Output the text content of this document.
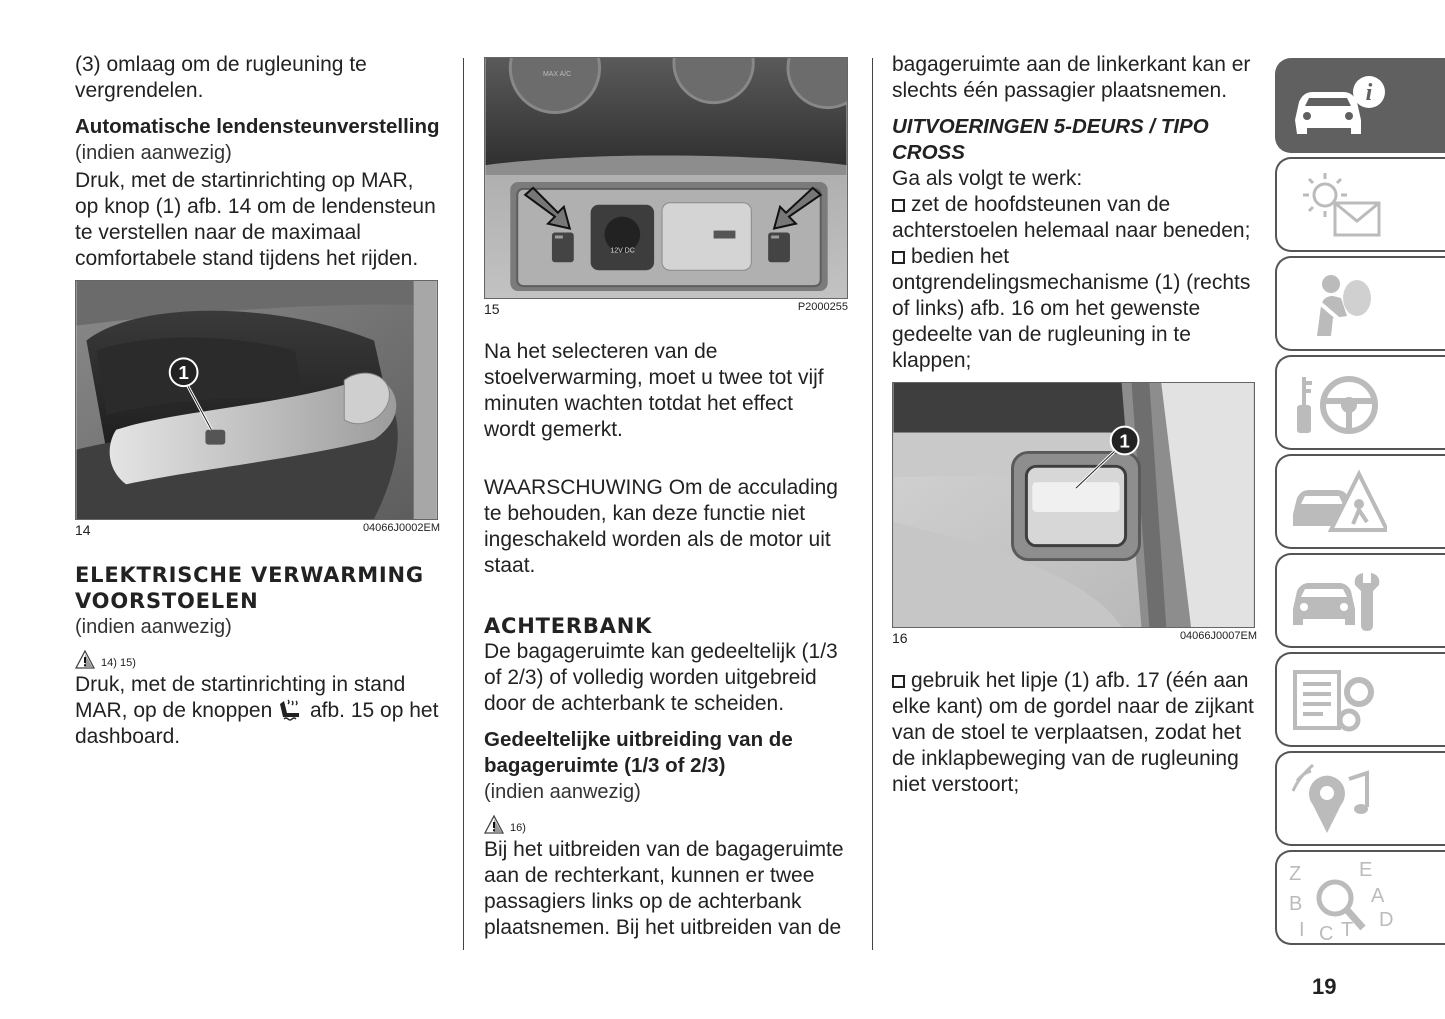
(3) omlaag om de rugleuning te vergrendelen.

Automatische lendensteunverstelling
(indien aanwezig)

Druk, met de startinrichting op MAR, op knop (1) afb. 14 om de lendensteun te verstellen naar de maximaal comfortabele stand tijdens het rijden.

1
14	04066J0002EM
ELEKTRISCHE VERWARMING VOORSTOELEN
(indien aanwezig)
14) 15)

Druk, met de startinrichting in stand MAR, op de knoppen afb. 15 op het dashboard.

MAX A/C
12V DC
15	P2000255

Na het selecteren van de stoelverwarming, moet u twee tot vijf minuten wachten totdat het effect wordt gemerkt.

WAARSCHUWING Om de acculading te behouden, kan deze functie niet ingeschakeld worden als de motor uit staat.

ACHTERBANK

De bagageruimte kan gedeeltelijk (1/3 of 2/3) of volledig worden uitgebreid door de achterbank te scheiden.

Gedeeltelijke uitbreiding van de bagageruimte (1/3 of 2/3)
(indien aanwezig)
16)

Bij het uitbreiden van de bagageruimte aan de rechterkant, kunnen er twee passagiers links op de achterbank plaatsnemen. Bij het uitbreiden van de

bagageruimte aan de linkerkant kan er slechts één passagier plaatsnemen.

UITVOERINGEN 5-DEURS / TIPO CROSS

Ga als volgt te werk:

zet de hoofdsteunen van de achterstoelen helemaal naar beneden;

bedien het ontgrendelingsmechanisme (1) (rechts of links) afb. 16 om het gewenste gedeelte van de rugleuning in te klappen;

1
16	04066J0007EM

gebruik het lipje (1) afb. 17 (één aan elke kant) om de gordel naar de zijkant van de stoel te verplaatsen, zodat het de inklapbeweging van de rugleuning niet verstoort;

i
Z	E
A
B
D
I C T
19
